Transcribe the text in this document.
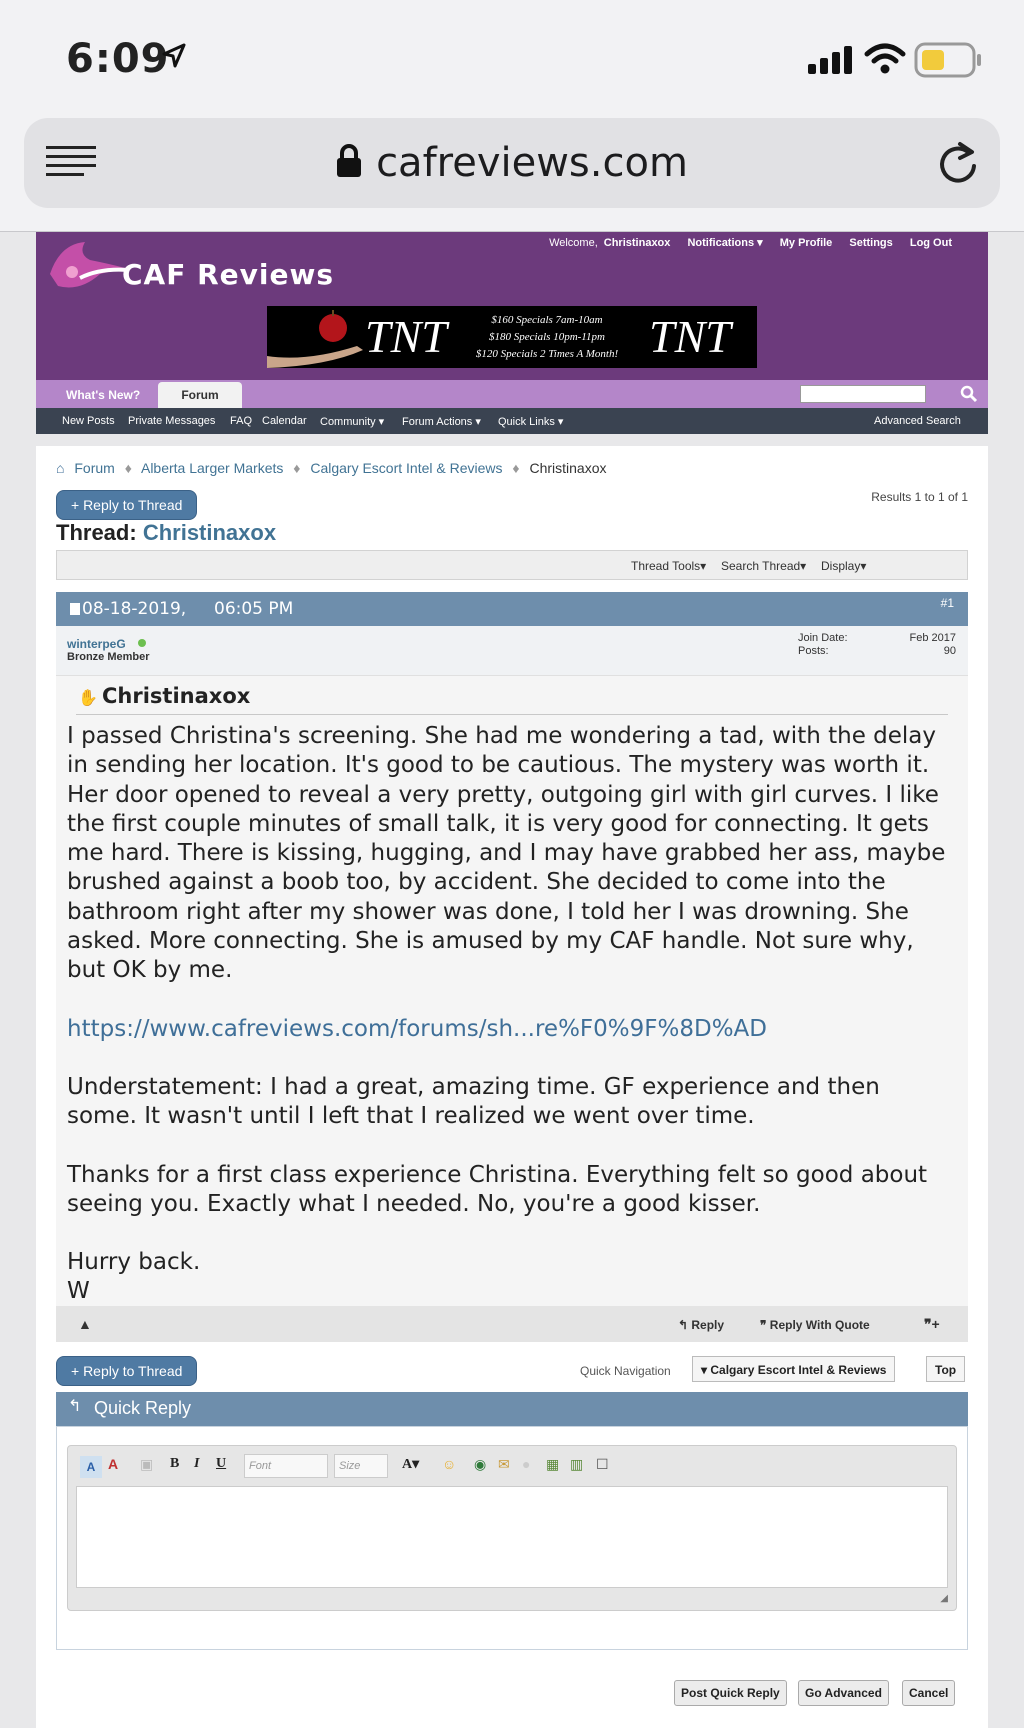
6:09
cafreviews.com
CAF Reviews
Welcome, Christinaxox Notifications ▾ My Profile Settings Log Out
TNT	$160 Specials 7am-10am
$180 Specials 10pm-11pm
$120 Specials 2 Times A Month! TNT
What's New?	Forum
New Posts Private Messages FAQ Calendar Community ▾ Forum Actions ▾ Quick Links ▾	Advanced Search
⌂ Forum ♦ Alberta Larger Markets ♦ Calgary Escort Intel & Reviews ♦ Christinaxox
+ Reply to Thread	Results 1 to 1 of 1
Thread: Christinaxox
Thread Tools▾ Search Thread▾ Display▾
08-18-2019, 06:05 PM	#1
winterpeG
Bronze Member
Join Date:	Feb 2017
Posts:	90
✋ Christinaxox

I passed Christina's screening. She had me wondering a tad, with the delay in sending her location. It's good to be cautious. The mystery was worth it. Her door opened to reveal a very pretty, outgoing girl with girl curves. I like the first couple minutes of small talk, it is very good for connecting. It gets me hard. There is kissing, hugging, and I may have grabbed her ass, maybe brushed against a boob too, by accident. She decided to come into the bathroom right after my shower was done, I told her I was drowning. She asked. More connecting. She is amused by my CAF handle. Not sure why, but OK by me.

https://www.cafreviews.com/forums/sh...re%F0%9F%8D%AD

Understatement: I had a great, amazing time. GF experience and then some. It wasn't until I left that I realized we went over time.

Thanks for a first class experience Christina. Everything felt so good about seeing you. Exactly what I needed. No, you're a good kisser.

Hurry back.

W

▲	↰ Reply	❞ Reply With Quote	❞+
+ Reply to Thread	Quick Navigation	▾ Calgary Escort Intel & Reviews	Top
↰ Quick Reply
A A ▣ B I U	Font	Size	A▾ ☺ ◉ ✉ ● ▦ ▥ ☐
◢
Post Quick Reply	Go Advanced	Cancel
